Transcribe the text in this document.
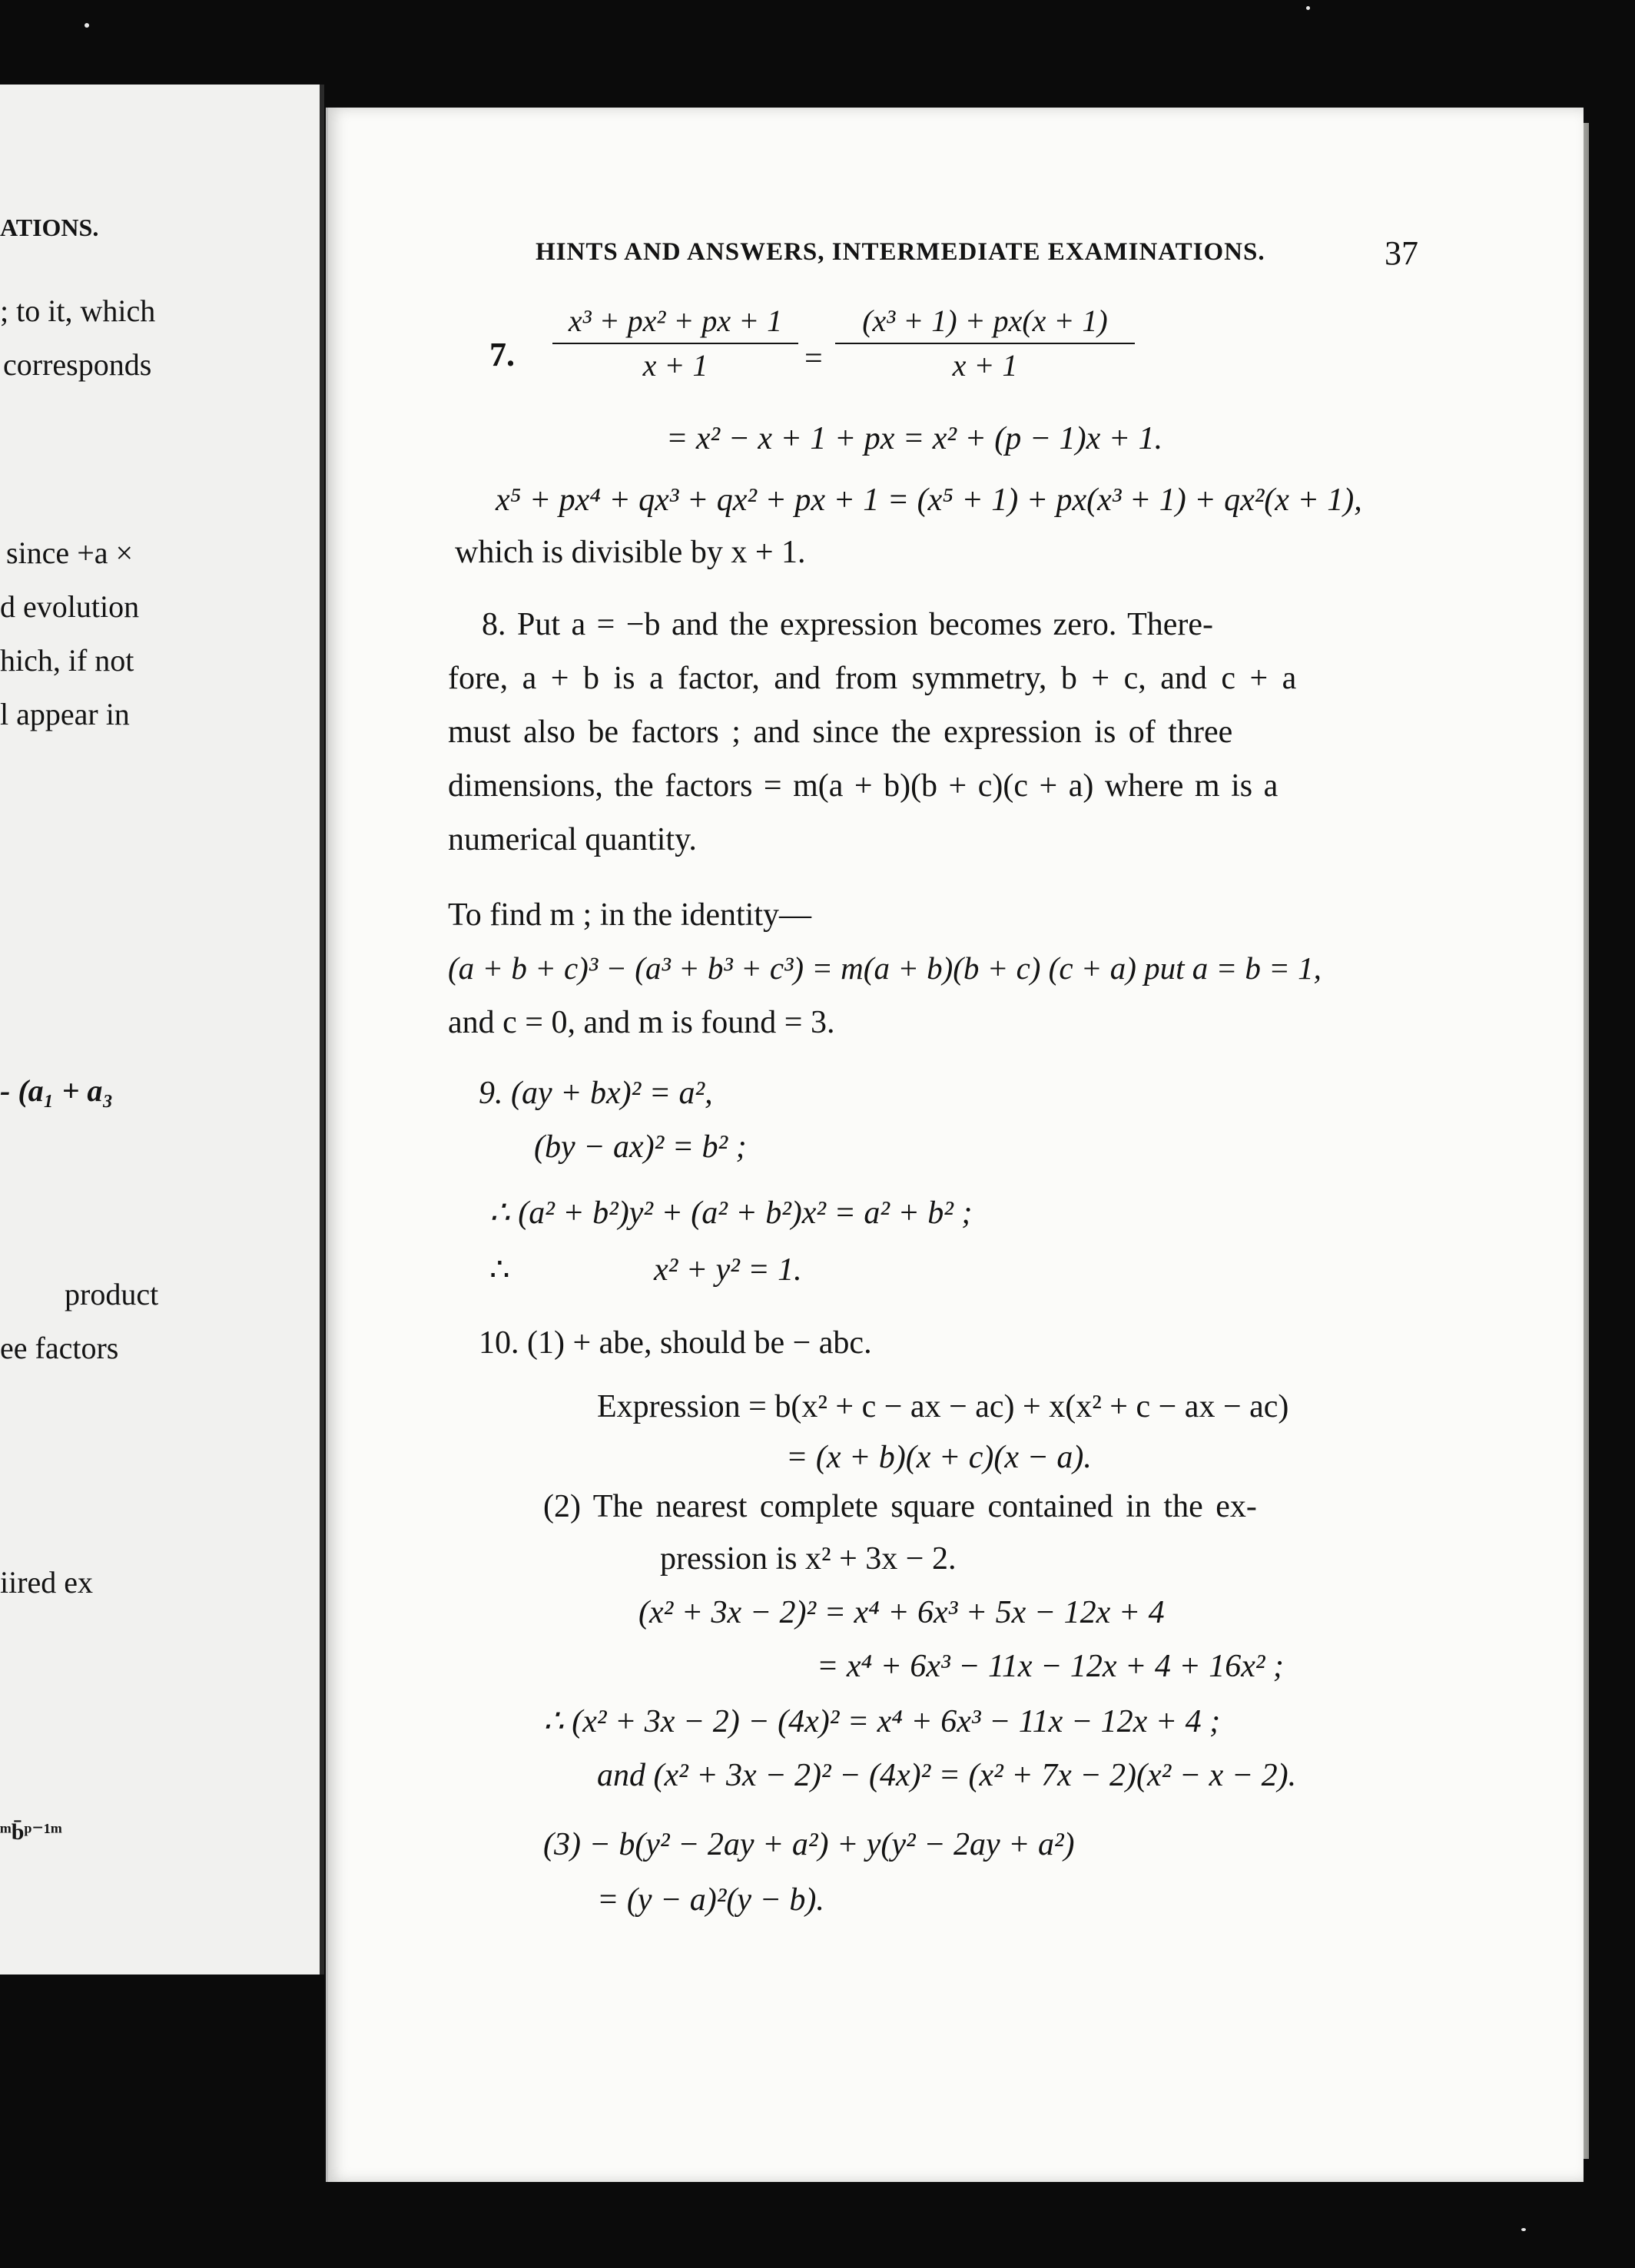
ATIONS.
; to it, which
corresponds
since +a ×
d evolution
hich, if not
l appear in
- (a₁ + a₃
product
ee factors
iired ex
ᵐb̄ᵖ⁻¹ᵐ
HINTS AND ANSWERS, INTERMEDIATE EXAMINATIONS.	37
7. $\frac{\text{x³ + px² + px + 1}}{x + 1} = \frac{\text{(x³ + 1) + px(x + 1)}}{x + 1}$
= x² − x + 1 + px = x² + (p − 1)x + 1.
x⁵ + px⁴ + qx³ + qx² + px + 1 = (x⁵ + 1) + px(x³ + 1) + qx²(x + 1),
which is divisible by x + 1.
8. Put a = −b and the expression becomes zero. There-
fore, a + b is a factor, and from symmetry, b + c, and c + a
must also be factors ; and since the expression is of three
dimensions, the factors = m(a + b)(b + c)(c + a) where m is a
numerical quantity.
To find m ; in the identity—
(a + b + c)³ − (a³ + b³ + c³) = m(a + b)(b + c) (c + a) put a = b = 1,
and c = 0, and m is found = 3.
9. (ay + bx)² = a²,
(by − ax)² = b² ;
∴ (a² + b²)y² + (a² + b²)x² = a² + b² ;
∴	x² + y² = 1.
10. (1) + abe, should be − abc.
Expression = b(x² + c − ax − ac) + x(x² + c − ax − ac)
= (x + b)(x + c)(x − a).
(2) The nearest complete square contained in the ex-
pression is x² + 3x − 2.
(x² + 3x − 2)² = x⁴ + 6x³ + 5x − 12x + 4
= x⁴ + 6x³ − 11x − 12x + 4 + 16x² ;
∴ (x² + 3x − 2) − (4x)² = x⁴ + 6x³ − 11x − 12x + 4 ;
and (x² + 3x − 2)² − (4x)² = (x² + 7x − 2)(x² − x − 2).
(3) − b(y² − 2ay + a²) + y(y² − 2ay + a²)
= (y − a)²(y − b).
